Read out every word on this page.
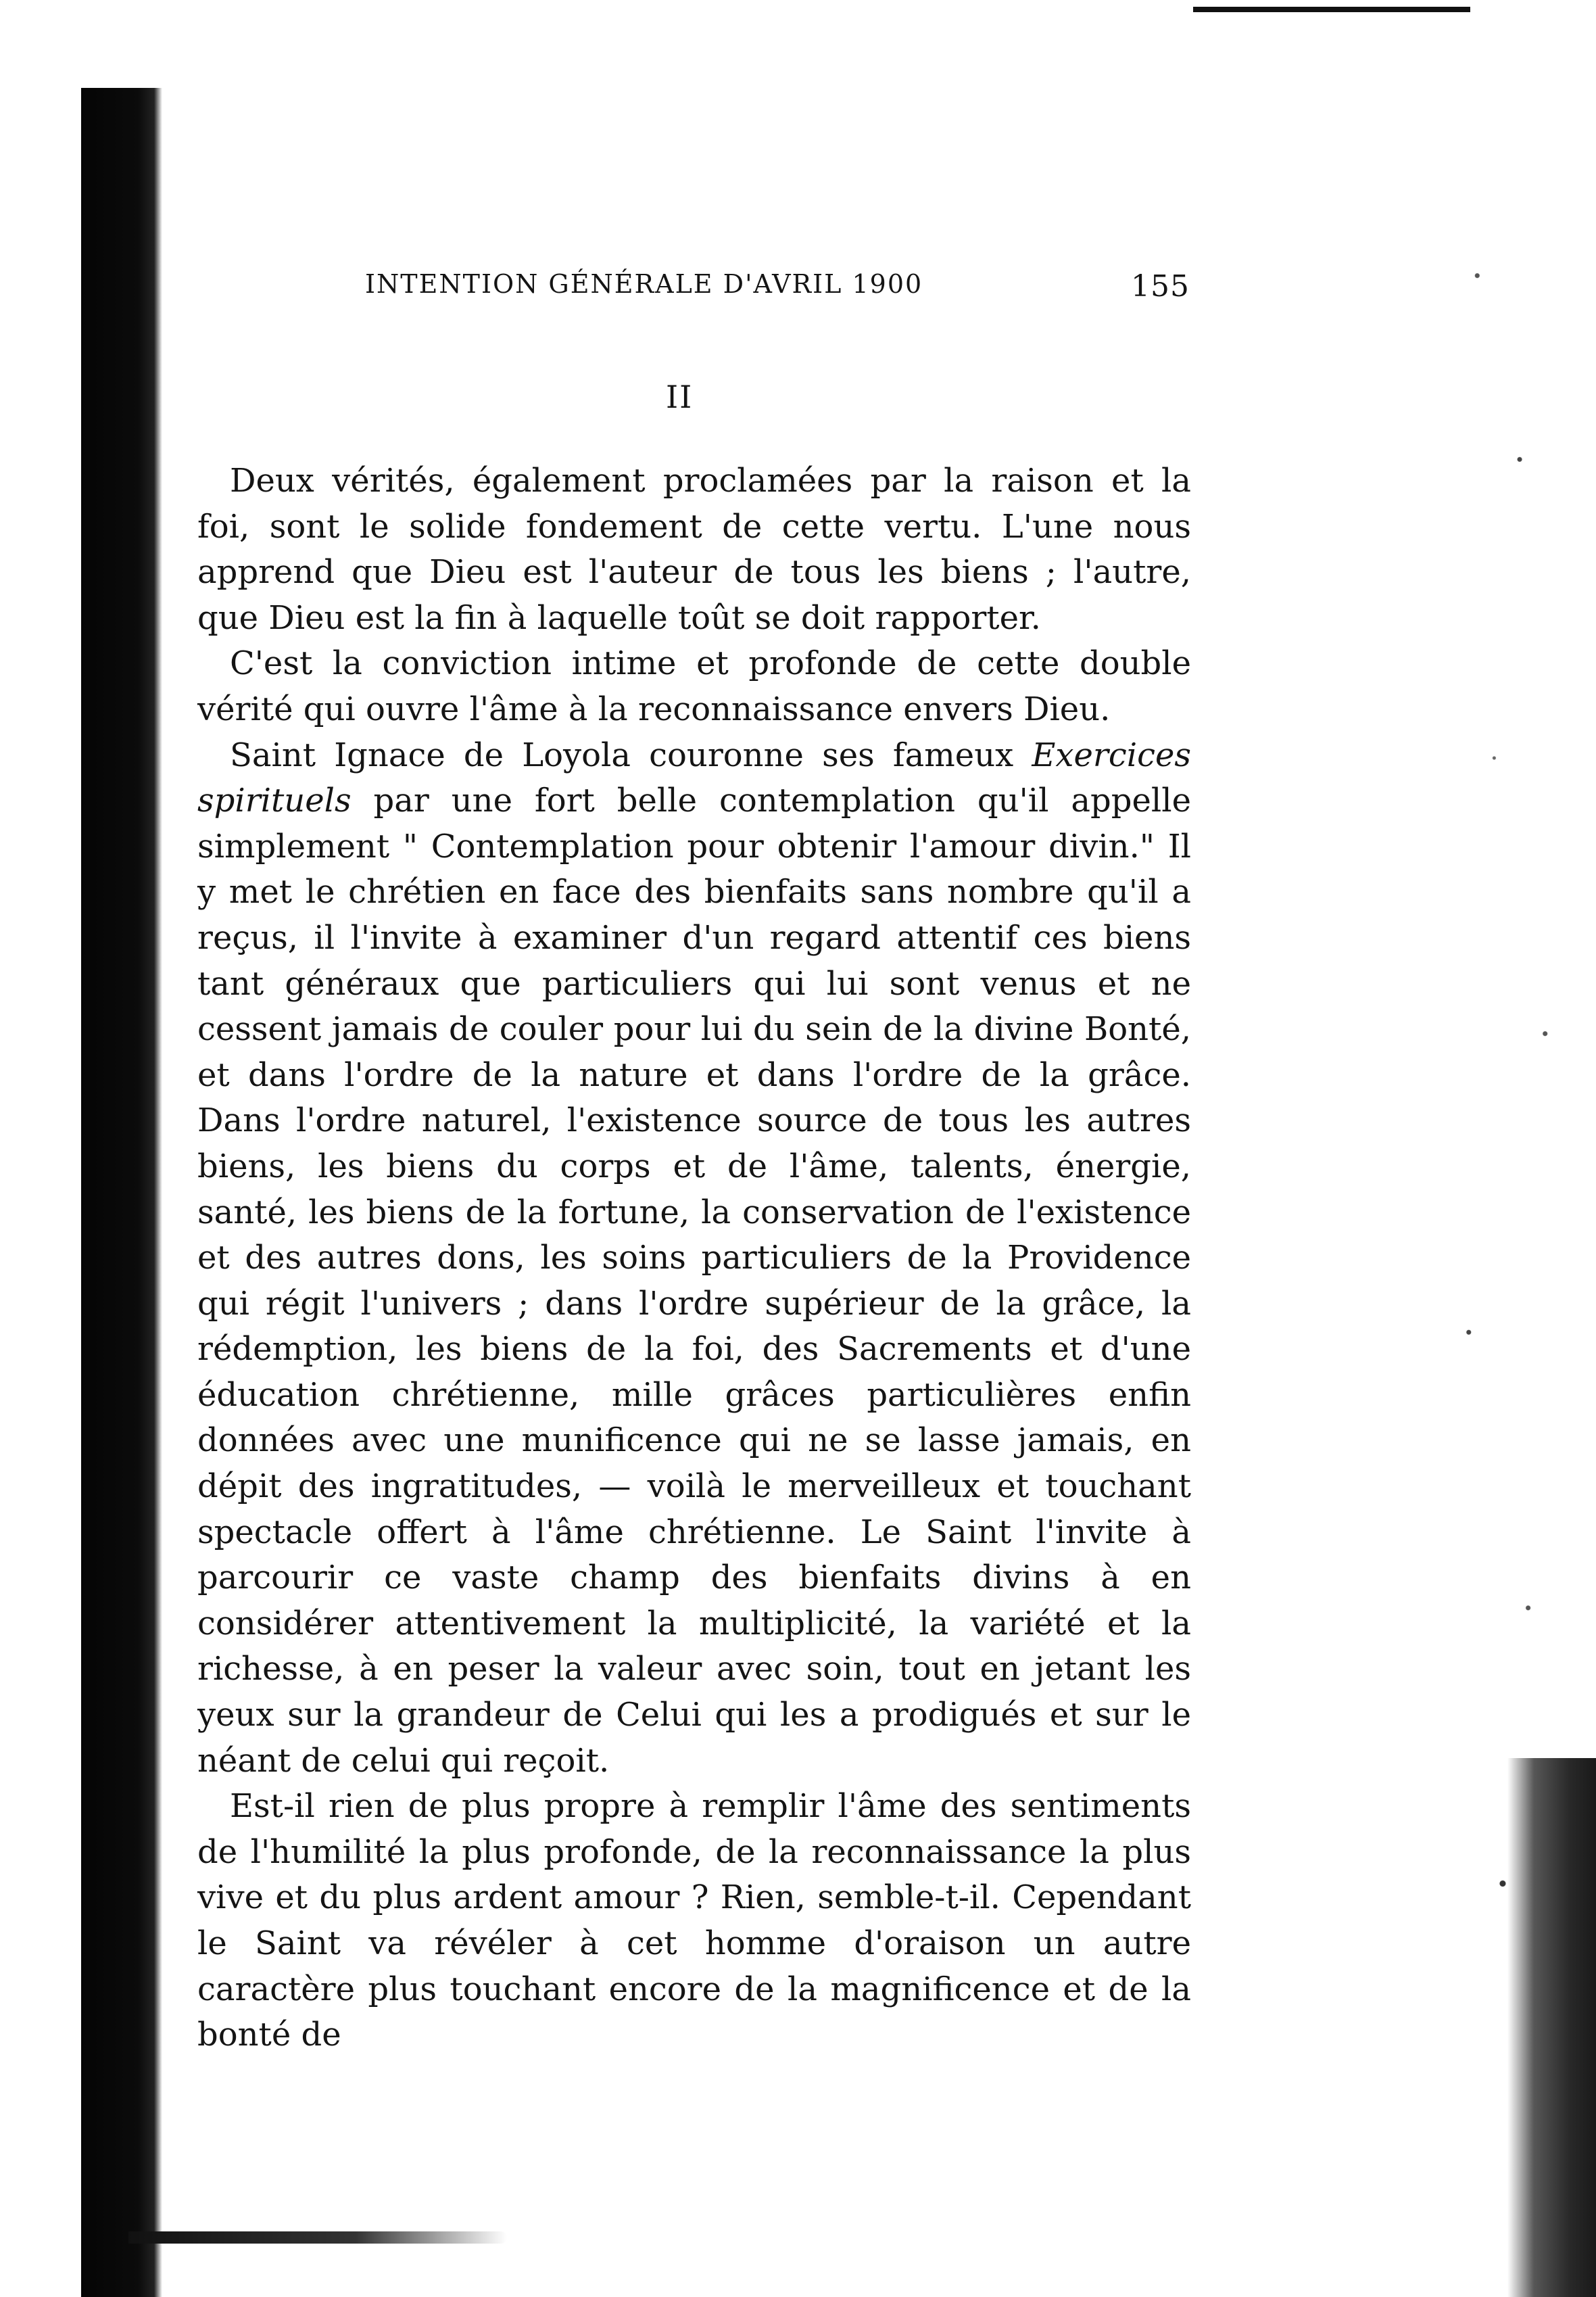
INTENTION GÉNÉRALE D'AVRIL 1900	155
II

Deux vérités, également proclamées par la raison et la foi, sont le solide fondement de cette vertu. L'une nous apprend que Dieu est l'auteur de tous les biens ; l'autre, que Dieu est la fin à laquelle toût se doit rapporter.

C'est la conviction intime et profonde de cette double vérité qui ouvre l'âme à la reconnaissance envers Dieu.

Saint Ignace de Loyola couronne ses fameux Exercices spirituels par une fort belle contemplation qu'il appelle simplement " Contemplation pour obtenir l'amour divin." Il y met le chrétien en face des bienfaits sans nombre qu'il a reçus, il l'invite à examiner d'un regard attentif ces biens tant généraux que particuliers qui lui sont venus et ne cessent jamais de couler pour lui du sein de la divine Bonté, et dans l'ordre de la nature et dans l'ordre de la grâce. Dans l'ordre naturel, l'existence source de tous les autres biens, les biens du corps et de l'âme, talents, énergie, santé, les biens de la fortune, la conservation de l'existence et des autres dons, les soins particuliers de la Providence qui régit l'univers ; dans l'ordre supérieur de la grâce, la rédemption, les biens de la foi, des Sacrements et d'une éducation chrétienne, mille grâces particulières enfin données avec une munificence qui ne se lasse jamais, en dépit des ingratitudes, — voilà le merveilleux et touchant spectacle offert à l'âme chrétienne. Le Saint l'invite à parcourir ce vaste champ des bienfaits divins à en considérer attentivement la multiplicité, la variété et la richesse, à en peser la valeur avec soin, tout en jetant les yeux sur la grandeur de Celui qui les a prodigués et sur le néant de celui qui reçoit.

Est-il rien de plus propre à remplir l'âme des sentiments de l'humilité la plus profonde, de la reconnaissance la plus vive et du plus ardent amour ? Rien, semble-t-il. Cependant le Saint va révéler à cet homme d'oraison un autre caractère plus touchant encore de la magnificence et de la bonté de
